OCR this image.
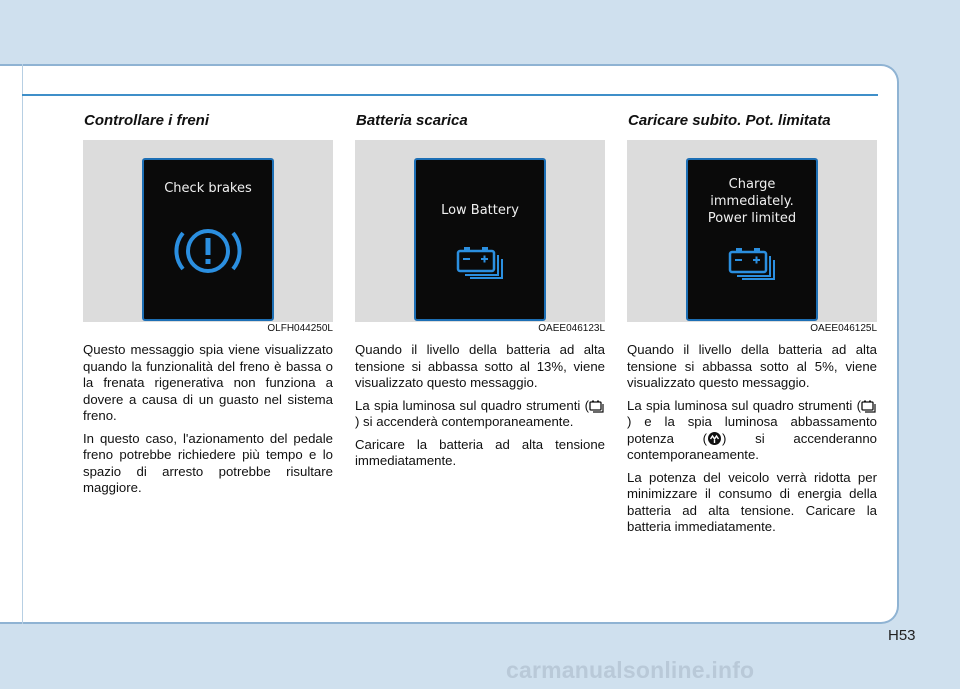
Controllare i freni
Check brakes
OLFH044250L

Questo messaggio spia viene visualizzato quando la funzionalità del freno è bassa o la frenata rigenerativa non funziona a dovere a causa di un guasto nel sistema freno.

In questo caso, l'azionamento del pedale freno potrebbe richiedere più tempo e lo spazio di arresto potrebbe risultare maggiore.

Batteria scarica
Low Battery
OAEE046123L

Quando il livello della batteria ad alta tensione si abbassa sotto al 13%, viene visualizzato questo messaggio.

La spia luminosa sul quadro strumenti () si accenderà contemporaneamente.

Caricare la batteria ad alta tensione immediatamente.

Caricare subito. Pot. limitata
Charge
immediately.
Power limited
OAEE046125L

Quando il livello della batteria ad alta tensione si abbassa sotto al 5%, viene visualizzato questo messaggio.

La spia luminosa sul quadro strumenti () e la spia luminosa abbassamento potenza ( ) si accenderanno contemporaneamente.

La potenza del veicolo verrà ridotta per minimizzare il consumo di energia della batteria ad alta tensione. Caricare la batteria immediatamente.

H53
carmanualsonline.info
